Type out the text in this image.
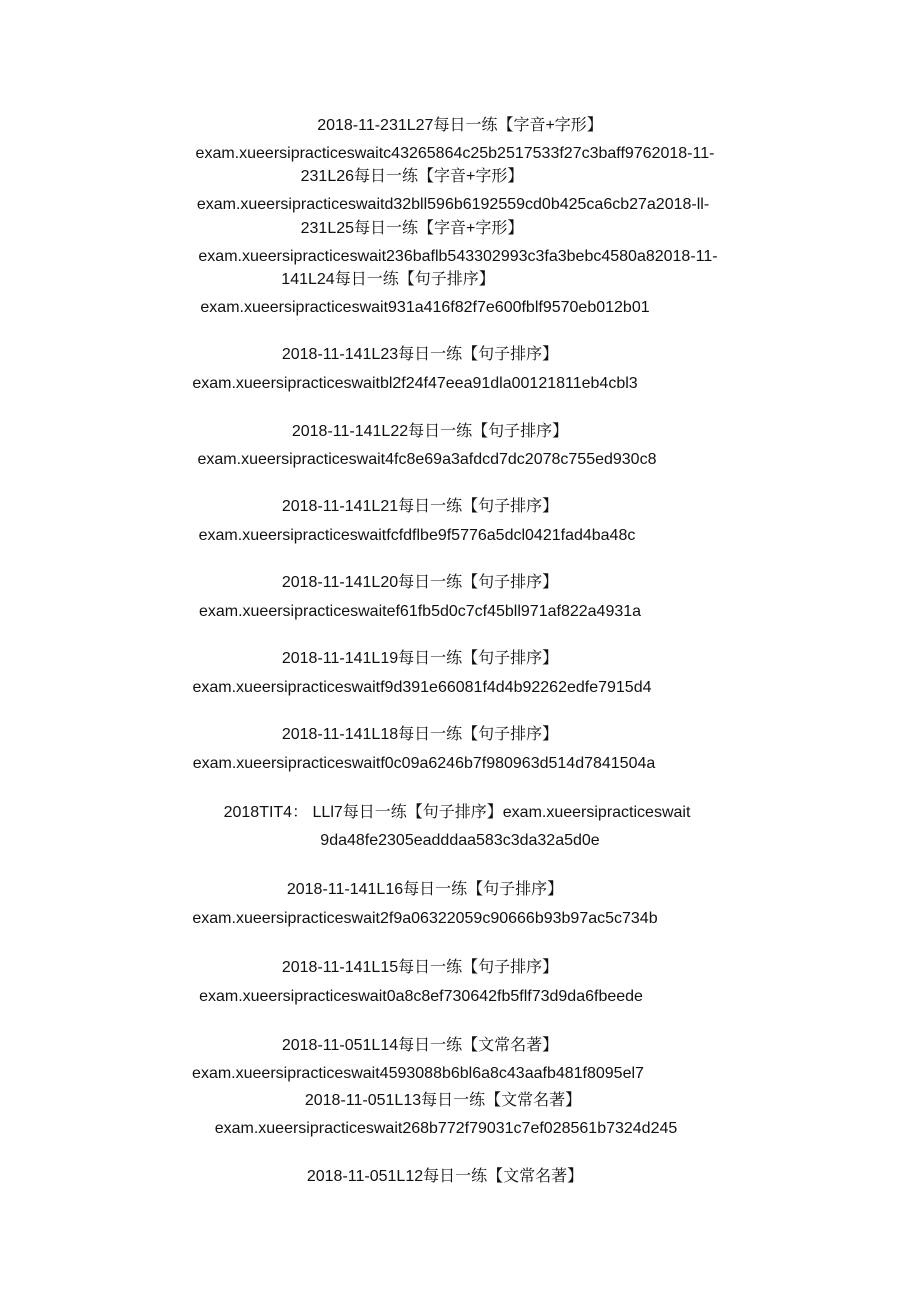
2018-11-231L27每日一练【字音+字形】
exam.xueersipracticeswaitc43265864c25b2517533f27c3baff9762018-11-
231L26每日一练【字音+字形】
exam.xueersipracticeswaitd32bll596b6192559cd0b425ca6cb27a2018-ll-
231L25每日一练【字音+字形】
exam.xueersipracticeswait236baflb543302993c3fa3bebc4580a82018-11-
141L24每日一练【句子排序】
exam.xueersipracticeswait931a416f82f7e600fblf9570eb012b01
2018-11-141L23每日一练【句子排序】
exam.xueersipracticeswaitbl2f24f47eea91dla00121811eb4cbl3
2018-11-141L22每日一练【句子排序】
exam.xueersipracticeswait4fc8e69a3afdcd7dc2078c755ed930c8
2018-11-141L21每日一练【句子排序】
exam.xueersipracticeswaitfcfdflbe9f5776a5dcl0421fad4ba48c
2018-11-141L20每日一练【句子排序】
exam.xueersipracticeswaitef61fb5d0c7cf45bll971af822a4931a
2018-11-141L19每日一练【句子排序】
exam.xueersipracticeswaitf9d391e66081f4d4b92262edfe7915d4
2018-11-141L18每日一练【句子排序】
exam.xueersipracticeswaitf0c09a6246b7f980963d514d7841504a
2018TIT4： LLl7每日一练【句子排序】exam.xueersipracticeswait
9da48fe2305eadddaa583c3da32a5d0e
2018-11-141L16每日一练【句子排序】
exam.xueersipracticeswait2f9a06322059c90666b93b97ac5c734b
2018-11-141L15每日一练【句子排序】
exam.xueersipracticeswait0a8c8ef730642fb5flf73d9da6fbeede
2018-11-051L14每日一练【文常名著】
exam.xueersipracticeswait4593088b6bl6a8c43aafb481f8095el7
2018-11-051L13每日一练【文常名著】
exam.xueersipracticeswait268b772f79031c7ef028561b7324d245
2018-11-051L12每日一练【文常名著】
